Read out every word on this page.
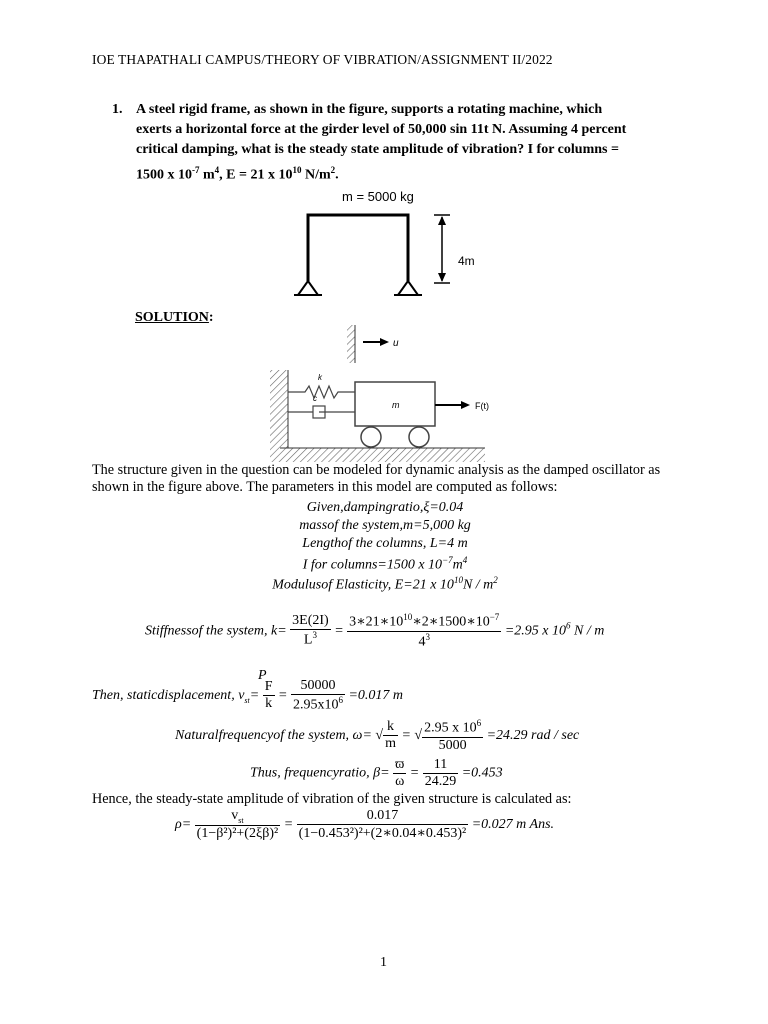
IOE THAPATHALI CAMPUS/THEORY OF VIBRATION/ASSIGNMENT II/2022
1. A steel rigid frame, as shown in the figure, supports a rotating machine, which
exerts a horizontal force at the girder level of 50,000 sin 11t N. Assuming 4 percent
critical damping, what is the steady state amplitude of vibration? I for columns =
1500 x $10^{-7}$ $m^4$, E = 21 x $10^{10}$ $N/m^2$.
m = 5000 kg
4m
SOLUTION:
u
k
c
m	F(t)
The structure given in the question can be modeled for dynamic analysis as the damped oscillator as shown in the figure above. The parameters in this model are computed as follows:
Given,dampingratio,ξ=0.04
massof the system,m=5,000 kg
Lengthof the columns, L=4 m
I for columns=1500 x $10^{-7}m^4$
Modulusof Elasticity, E=21 x $10^{10}N / m^2$
Stiffnessof the system, $k= \frac{3E(2I)}{L^3} = \frac{3∗21∗10^{10}∗2∗1500∗10^{-7}}{4^3} =2.95$ x $10^6$ N / m
P
Then, staticdisplacement, $v_{st}= \frac{F}{k} = \frac{50000}{2.95x10^6} =0.017$ m
Naturalfrequencyof the system, ω= √ $\frac{k}{m}$ = √ $\frac{2.95 x 10^6}{5000} =24.29$ rad / sec
Thus, frequencyratio, $\beta= \frac{ϖ}{\omega} = \frac{11}{24.29} =0.453$
Hence, the steady-state amplitude of vibration of the given structure is calculated as:
$\rho= \frac{v_{st}}{\text{(1−β²)²+(2ξβ)²}} = \frac{0.017}{\text{(1−0.453²)²+(2∗0.04∗0.453)²}} =0.027$ m Ans.
1
